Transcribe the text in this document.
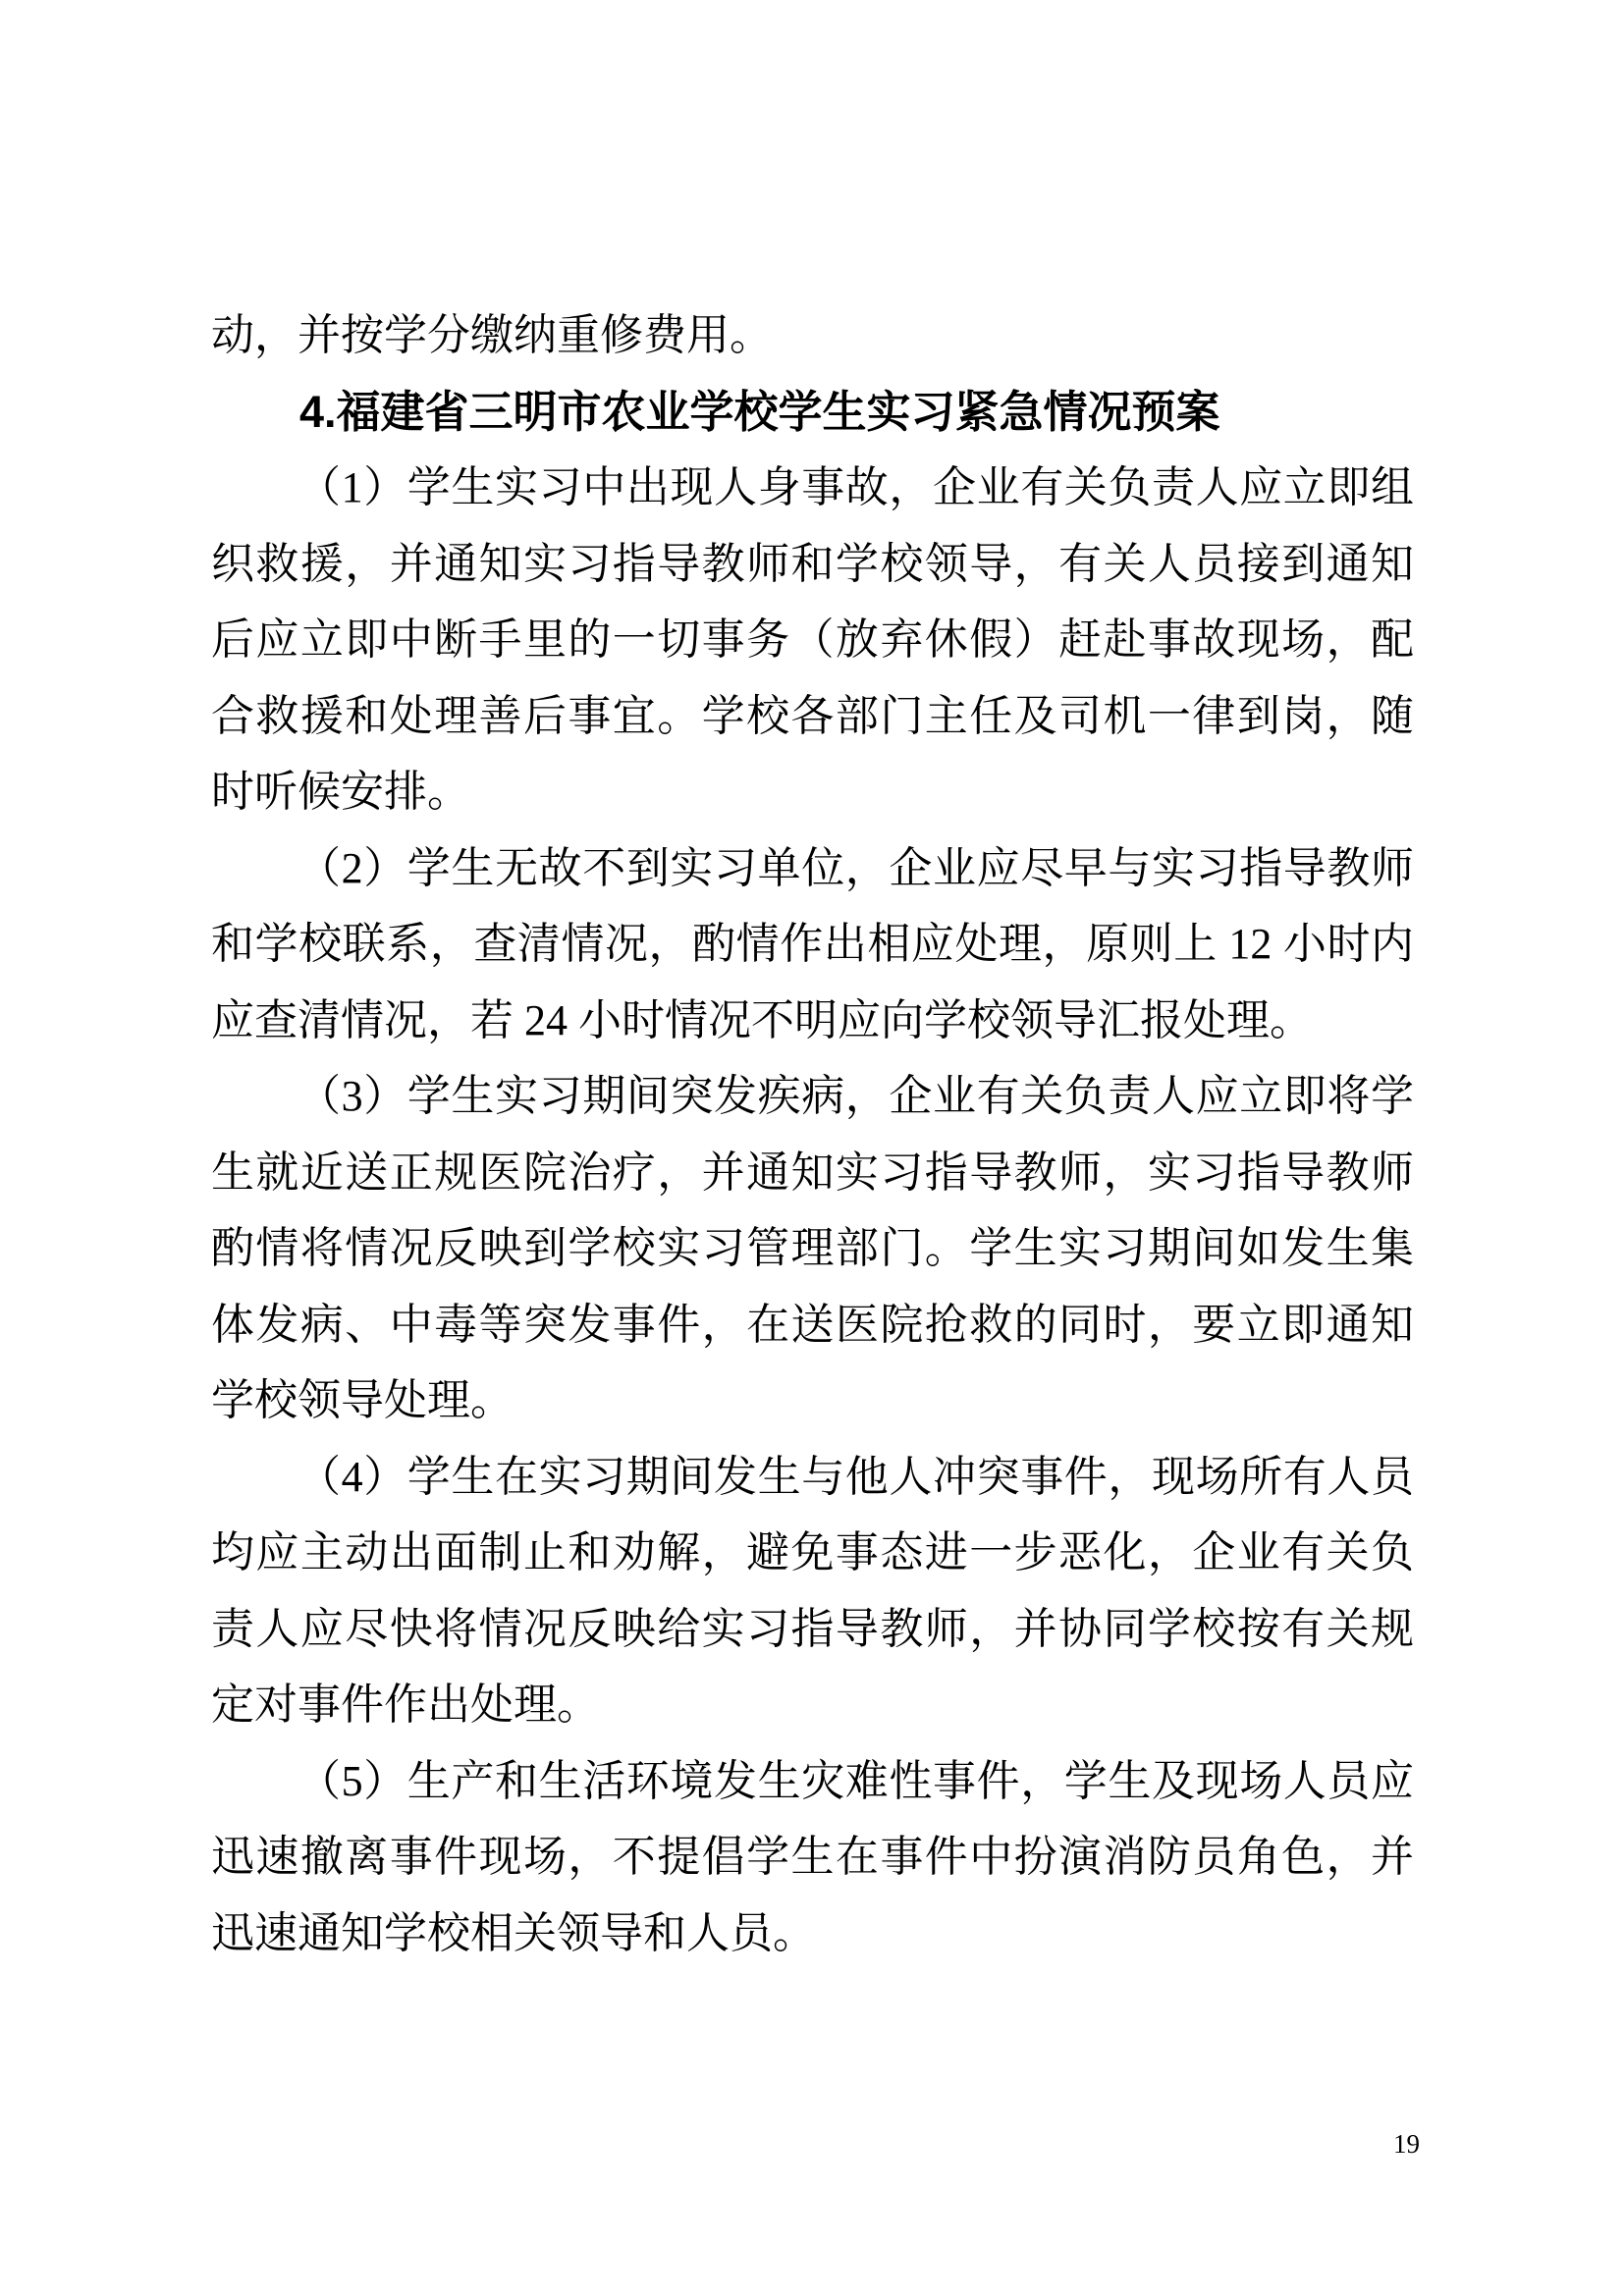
动，并按学分缴纳重修费用。

4.福建省三明市农业学校学生实习紧急情况预案

（1）学生实习中出现人身事故，企业有关负责人应立即组织救援，并通知实习指导教师和学校领导，有关人员接到通知后应立即中断手里的一切事务（放弃休假）赶赴事故现场，配合救援和处理善后事宜。学校各部门主任及司机一律到岗，随时听候安排。

（2）学生无故不到实习单位，企业应尽早与实习指导教师和学校联系，查清情况，酌情作出相应处理，原则上 12 小时内应查清情况，若 24 小时情况不明应向学校领导汇报处理。

（3）学生实习期间突发疾病，企业有关负责人应立即将学生就近送正规医院治疗，并通知实习指导教师，实习指导教师酌情将情况反映到学校实习管理部门。学生实习期间如发生集体发病、中毒等突发事件，在送医院抢救的同时，要立即通知学校领导处理。

（4）学生在实习期间发生与他人冲突事件，现场所有人员均应主动出面制止和劝解，避免事态进一步恶化，企业有关负责人应尽快将情况反映给实习指导教师，并协同学校按有关规定对事件作出处理。

（5）生产和生活环境发生灾难性事件，学生及现场人员应迅速撤离事件现场，不提倡学生在事件中扮演消防员角色，并迅速通知学校相关领导和人员。

19
